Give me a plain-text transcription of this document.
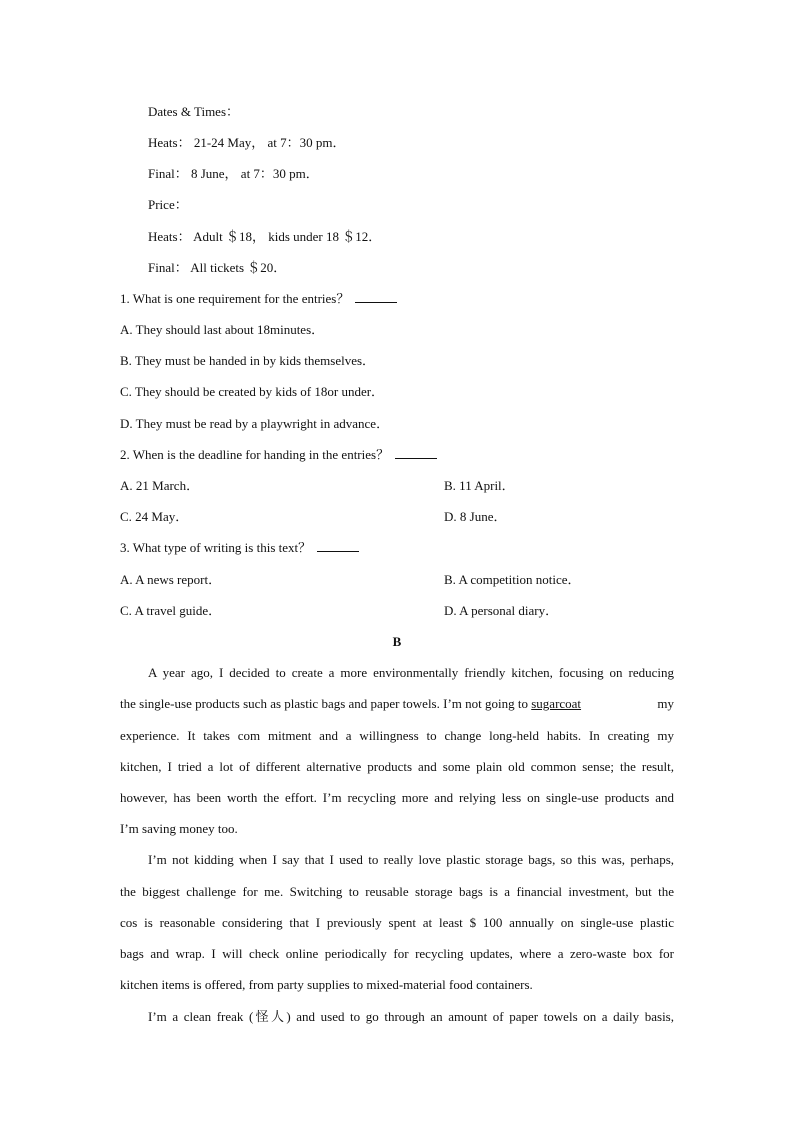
Dates & Times：
Heats： 21-24 May， at 7：30 pm．
Final： 8 June， at 7：30 pm．
Price：
Heats： Adult ＄18， kids under 18 ＄12．
Final： All tickets ＄20．
1. What is one requirement for the entries？
A. They should last about 18minutes．
B. They must be handed in by kids themselves．
C. They should be created by kids of 18or under．
D. They must be read by a playwright in advance．
2. When is the deadline for handing in the entries？
A. 21 March．	B. 11 April．
C. 24 May．	D. 8 June．
3. What type of writing is this text？
A. A news report．	B. A competition notice．
C. A travel guide．	D. A personal diary．
B
A year ago, I decided to create a more environmentally friendly kitchen, focusing on reducing
the single-use products such as plastic bags and paper towels. I’m not going to sugarcoat	my
experience. It takes com mitment and a willingness to change long-held habits. In creating my
kitchen, I tried a lot of different alternative products and some plain old common sense; the result,
however, has been worth the effort. I’m recycling more and relying less on single-use products and
I’m saving money too.
I’m not kidding when I say that I used to really love plastic storage bags, so this was, perhaps,
the biggest challenge for me. Switching to reusable storage bags is a financial investment, but the
cos is reasonable considering that I previously spent at least $ 100 annually on single-use plastic
bags and wrap. I will check online periodically for recycling updates, where a zero-waste box for
kitchen items is offered, from party supplies to mixed-material food containers.
I’m a clean freak (怪人) and used to go through an amount of paper towels on a daily basis,
